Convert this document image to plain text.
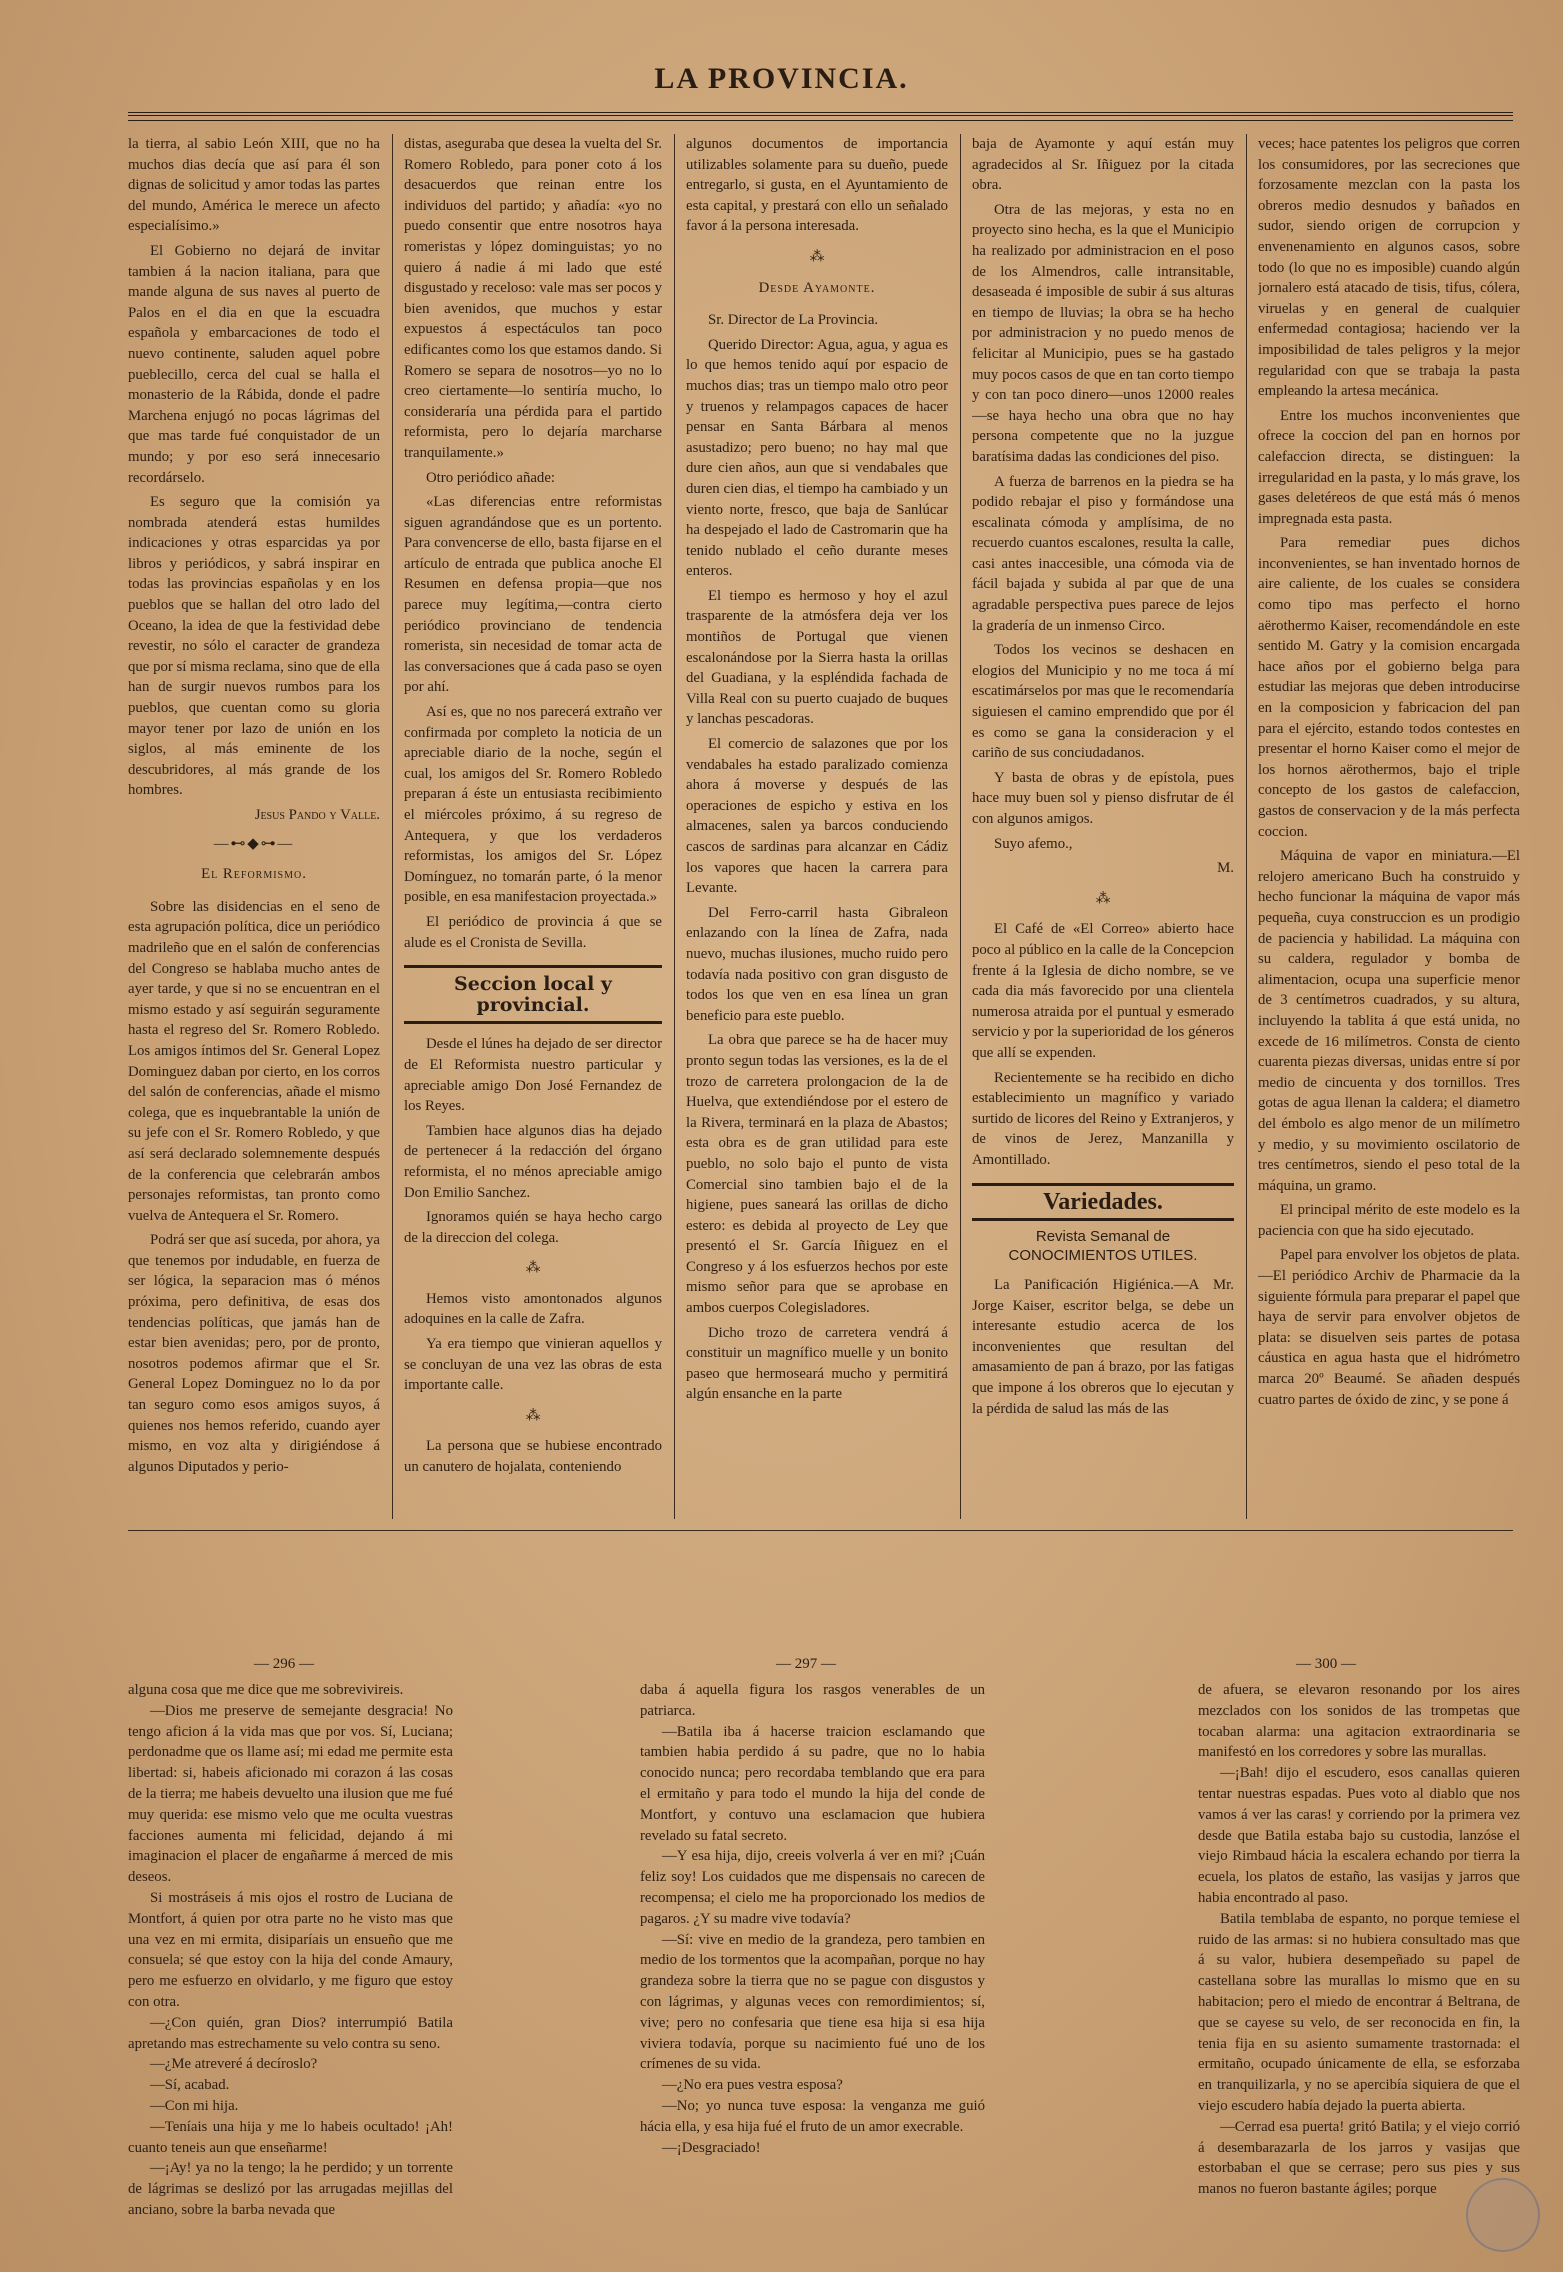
LA PROVINCIA.

la tierra, al sabio León XIII, que no ha muchos dias decía que así para él son dignas de solicitud y amor todas las partes del mundo, América le merece un afecto especialísimo.»

El Gobierno no dejará de invitar tambien á la nacion italiana, para que mande alguna de sus naves al puerto de Palos en el dia en que la escuadra española y embarcaciones de todo el nuevo continente, saluden aquel pobre pueblecillo, cerca del cual se halla el monasterio de la Rábida, donde el padre Marchena enjugó no pocas lágrimas del que mas tarde fué conquistador de un mundo; y por eso será innecesario recordárselo.

Es seguro que la comisión ya nombrada atenderá estas humildes indicaciones y otras esparcidas ya por libros y periódicos, y sabrá inspirar en todas las provincias españolas y en los pueblos que se hallan del otro lado del Oceano, la idea de que la festividad debe revestir, no sólo el caracter de grandeza que por sí misma reclama, sino que de ella han de surgir nuevos rumbos para los pueblos, que cuentan como su gloria mayor tener por lazo de unión en los siglos, al más eminente de los descubridores, al más grande de los hombres.

Jesus Pando y Valle.
—⊷◆⊶—
El Reformismo.

Sobre las disidencias en el seno de esta agrupación política, dice un periódico madrileño que en el salón de conferencias del Congreso se hablaba mucho antes de ayer tarde, y que si no se encuentran en el mismo estado y así seguirán seguramente hasta el regreso del Sr. Romero Robledo. Los amigos íntimos del Sr. General Lopez Dominguez daban por cierto, en los corros del salón de conferencias, añade el mismo colega, que es inquebrantable la unión de su jefe con el Sr. Romero Robledo, y que así será declarado solemnemente después de la conferencia que celebrarán ambos personajes reformistas, tan pronto como vuelva de Antequera el Sr. Romero.

Podrá ser que así suceda, por ahora, ya que tenemos por indudable, en fuerza de ser lógica, la separacion mas ó ménos próxima, pero definitiva, de esas dos tendencias políticas, que jamás han de estar bien avenidas; pero, por de pronto, nosotros podemos afirmar que el Sr. General Lopez Dominguez no lo da por tan seguro como esos amigos suyos, á quienes nos hemos referido, cuando ayer mismo, en voz alta y dirigiéndose á algunos Diputados y perio-

distas, aseguraba que desea la vuelta del Sr. Romero Robledo, para poner coto á los desacuerdos que reinan entre los individuos del partido; y añadía: «yo no puedo consentir que entre nosotros haya romeristas y lópez dominguistas; yo no quiero á nadie á mi lado que esté disgustado y receloso: vale mas ser pocos y bien avenidos, que muchos y estar expuestos á espectáculos tan poco edificantes como los que estamos dando. Si Romero se separa de nosotros—yo no lo creo ciertamente—lo sentiría mucho, lo consideraría una pérdida para el partido reformista, pero lo dejaría marcharse tranquilamente.»

Otro periódico añade:

«Las diferencias entre reformistas siguen agrandándose que es un portento. Para convencerse de ello, basta fijarse en el artículo de entrada que publica anoche El Resumen en defensa propia—que nos parece muy legítima,—contra cierto periódico provinciano de tendencia romerista, sin necesidad de tomar acta de las conversaciones que á cada paso se oyen por ahí.

Así es, que no nos parecerá extraño ver confirmada por completo la noticia de un apreciable diario de la noche, según el cual, los amigos del Sr. Romero Robledo preparan á éste un entusiasta recibimiento el miércoles próximo, á su regreso de Antequera, y que los verdaderos reformistas, los amigos del Sr. López Domínguez, no tomarán parte, ó la menor posible, en esa manifestacion proyectada.»

El periódico de provincia á que se alude es el Cronista de Sevilla.

Seccion local y provincial.

Desde el lúnes ha dejado de ser director de El Reformista nuestro particular y apreciable amigo Don José Fernandez de los Reyes.

Tambien hace algunos dias ha dejado de pertenecer á la redacción del órgano reformista, el no ménos apreciable amigo Don Emilio Sanchez.

Ignoramos quién se haya hecho cargo de la direccion del colega.

⁂

Hemos visto amontonados algunos adoquines en la calle de Zafra.

Ya era tiempo que vinieran aquellos y se concluyan de una vez las obras de esta importante calle.

⁂

La persona que se hubiese encontrado un canutero de hojalata, conteniendo

algunos documentos de importancia utilizables solamente para su dueño, puede entregarlo, si gusta, en el Ayuntamiento de esta capital, y prestará con ello un señalado favor á la persona interesada.

⁂
Desde Ayamonte.

Sr. Director de La Provincia.

Querido Director: Agua, agua, y agua es lo que hemos tenido aquí por espacio de muchos dias; tras un tiempo malo otro peor y truenos y relampagos capaces de hacer pensar en Santa Bárbara al menos asustadizo; pero bueno; no hay mal que dure cien años, aun que si vendabales que duren cien dias, el tiempo ha cambiado y un viento norte, fresco, que baja de Sanlúcar ha despejado el lado de Castromarin que ha tenido nublado el ceño durante meses enteros.

El tiempo es hermoso y hoy el azul trasparente de la atmósfera deja ver los montiños de Portugal que vienen escalonándose por la Sierra hasta la orillas del Guadiana, y la espléndida fachada de Villa Real con su puerto cuajado de buques y lanchas pescadoras.

El comercio de salazones que por los vendabales ha estado paralizado comienza ahora á moverse y después de las operaciones de espicho y estiva en los almacenes, salen ya barcos conduciendo cascos de sardinas para alcanzar en Cádiz los vapores que hacen la carrera para Levante.

Del Ferro-carril hasta Gibraleon enlazando con la línea de Zafra, nada nuevo, muchas ilusiones, mucho ruido pero todavía nada positivo con gran disgusto de todos los que ven en esa línea un gran beneficio para este pueblo.

La obra que parece se ha de hacer muy pronto segun todas las versiones, es la de el trozo de carretera prolongacion de la de Huelva, que extendiéndose por el estero de la Rivera, terminará en la plaza de Abastos; esta obra es de gran utilidad para este pueblo, no solo bajo el punto de vista Comercial sino tambien bajo el de la higiene, pues saneará las orillas de dicho estero: es debida al proyecto de Ley que presentó el Sr. García Iñiguez en el Congreso y á los esfuerzos hechos por este mismo señor para que se aprobase en ambos cuerpos Colegisladores.

Dicho trozo de carretera vendrá á constituir un magnífico muelle y un bonito paseo que hermoseará mucho y permitirá algún ensanche en la parte

baja de Ayamonte y aquí están muy agradecidos al Sr. Iñiguez por la citada obra.

Otra de las mejoras, y esta no en proyecto sino hecha, es la que el Municipio ha realizado por administracion en el poso de los Almendros, calle intransitable, desaseada é imposible de subir á sus alturas en tiempo de lluvias; la obra se ha hecho por administracion y no puedo menos de felicitar al Municipio, pues se ha gastado muy pocos casos de que en tan corto tiempo y con tan poco dinero—unos 12000 reales—se haya hecho una obra que no hay persona competente que no la juzgue baratísima dadas las condiciones del piso.

A fuerza de barrenos en la piedra se ha podido rebajar el piso y formándose una escalinata cómoda y amplísima, de no recuerdo cuantos escalones, resulta la calle, casi antes inaccesible, una cómoda via de fácil bajada y subida al par que de una agradable perspectiva pues parece de lejos la gradería de un inmenso Circo.

Todos los vecinos se deshacen en elogios del Municipio y no me toca á mí escatimárselos por mas que le recomendaría siguiesen el camino emprendido que por él es como se gana la consideracion y el cariño de sus conciudadanos.

Y basta de obras y de epístola, pues hace muy buen sol y pienso disfrutar de él con algunos amigos.

Suyo afemo.,

M.
⁂

El Café de «El Correo» abierto hace poco al público en la calle de la Concepcion frente á la Iglesia de dicho nombre, se ve cada dia más favorecido por una clientela numerosa atraida por el puntual y esmerado servicio y por la superioridad de los géneros que allí se expenden.

Recientemente se ha recibido en dicho establecimiento un magnífico y variado surtido de licores del Reino y Extranjeros, y de vinos de Jerez, Manzanilla y Amontillado.

Variedades.
Revista Semanal de CONOCIMIENTOS UTILES.

La Panificación Higiénica.—A Mr. Jorge Kaiser, escritor belga, se debe un interesante estudio acerca de los inconvenientes que resultan del amasamiento de pan á brazo, por las fatigas que impone á los obreros que lo ejecutan y la pérdida de salud las más de las

veces; hace patentes los peligros que corren los consumidores, por las secreciones que forzosamente mezclan con la pasta los obreros medio desnudos y bañados en sudor, siendo origen de corrupcion y envenenamiento en algunos casos, sobre todo (lo que no es imposible) cuando algún jornalero está atacado de tisis, tifus, cólera, viruelas y en general de cualquier enfermedad contagiosa; haciendo ver la imposibilidad de tales peligros y la mejor regularidad con que se trabaja la pasta empleando la artesa mecánica.

Entre los muchos inconvenientes que ofrece la coccion del pan en hornos por calefaccion directa, se distinguen: la irregularidad en la pasta, y lo más grave, los gases deletéreos de que está más ó menos impregnada esta pasta.

Para remediar pues dichos inconvenientes, se han inventado hornos de aire caliente, de los cuales se considera como tipo mas perfecto el horno aërothermo Kaiser, recomendándole en este sentido M. Gatry y la comision encargada hace años por el gobierno belga para estudiar las mejoras que deben introducirse en la composicion y fabricacion del pan para el ejército, estando todos contestes en presentar el horno Kaiser como el mejor de los hornos aërothermos, bajo el triple concepto de los gastos de calefaccion, gastos de conservacion y de la más perfecta coccion.

Máquina de vapor en miniatura.—El relojero americano Buch ha construido y hecho funcionar la máquina de vapor más pequeña, cuya construccion es un prodigio de paciencia y habilidad. La máquina con su caldera, regulador y bomba de alimentacion, ocupa una superficie menor de 3 centímetros cuadrados, y su altura, incluyendo la tablita á que está unida, no excede de 16 milímetros. Consta de ciento cuarenta piezas diversas, unidas entre sí por medio de cincuenta y dos tornillos. Tres gotas de agua llenan la caldera; el diametro del émbolo es algo menor de un milímetro y medio, y su movimiento oscilatorio de tres centímetros, siendo el peso total de la máquina, un gramo.

El principal mérito de este modelo es la paciencia con que ha sido ejecutado.

Papel para envolver los objetos de plata.—El periódico Archiv de Pharmacie da la siguiente fórmula para preparar el papel que haya de servir para envolver objetos de plata: se disuelven seis partes de potasa cáustica en agua hasta que el hidrómetro marca 20º Beaumé. Se añaden después cuatro partes de óxido de zinc, y se pone á

— 296 —	— 297 —	— 300 —

alguna cosa que me dice que me sobrevivireis.

—Dios me preserve de semejante desgracia! No tengo aficion á la vida mas que por vos. Sí, Luciana; perdonadme que os llame así; mi edad me permite esta libertad: si, habeis aficionado mi corazon á las cosas de la tierra; me habeis devuelto una ilusion que me fué muy querida: ese mismo velo que me oculta vuestras facciones aumenta mi felicidad, dejando á mi imaginacion el placer de engañarme á merced de mis deseos.

Si mostráseis á mis ojos el rostro de Luciana de Montfort, á quien por otra parte no he visto mas que una vez en mi ermita, disiparíais un ensueño que me consuela; sé que estoy con la hija del conde Amaury, pero me esfuerzo en olvidarlo, y me figuro que estoy con otra.

—¿Con quién, gran Dios? interrumpió Batila apretando mas estrechamente su velo contra su seno.

—¿Me atreveré á decíroslo?

—Sí, acabad.

—Con mi hija.

—Teníais una hija y me lo habeis ocultado! ¡Ah! cuanto teneis aun que enseñarme!

—¡Ay! ya no la tengo; la he perdido; y un torrente de lágrimas se deslizó por las arrugadas mejillas del anciano, sobre la barba nevada que

daba á aquella figura los rasgos venerables de un patriarca.

—Batila iba á hacerse traicion esclamando que tambien habia perdido á su padre, que no lo habia conocido nunca; pero recordaba temblando que era para el ermitaño y para todo el mundo la hija del conde de Montfort, y contuvo una esclamacion que hubiera revelado su fatal secreto.

—Y esa hija, dijo, creeis volverla á ver en mi? ¡Cuán feliz soy! Los cuidados que me dispensais no carecen de recompensa; el cielo me ha proporcionado los medios de pagaros. ¿Y su madre vive todavía?

—Sí: vive en medio de la grandeza, pero tambien en medio de los tormentos que la acompañan, porque no hay grandeza sobre la tierra que no se pague con disgustos y con lágrimas, y algunas veces con remordimientos; sí, vive; pero no confesaria que tiene esa hija si esa hija viviera todavía, porque su nacimiento fué uno de los crímenes de su vida.

—¿No era pues vestra esposa?

—No; yo nunca tuve esposa: la venganza me guió hácia ella, y esa hija fué el fruto de un amor execrable.

—¡Desgraciado!

de afuera, se elevaron resonando por los aires mezclados con los sonidos de las trompetas que tocaban alarma: una agitacion extraordinaria se manifestó en los corredores y sobre las murallas.

—¡Bah! dijo el escudero, esos canallas quieren tentar nuestras espadas. Pues voto al diablo que nos vamos á ver las caras! y corriendo por la primera vez desde que Batila estaba bajo su custodia, lanzóse el viejo Rimbaud hácia la escalera echando por tierra la ecuela, los platos de estaño, las vasijas y jarros que habia encontrado al paso.

Batila temblaba de espanto, no porque temiese el ruido de las armas: si no hubiera consultado mas que á su valor, hubiera desempeñado su papel de castellana sobre las murallas lo mismo que en su habitacion; pero el miedo de encontrar á Beltrana, de que se cayese su velo, de ser reconocida en fin, la tenia fija en su asiento sumamente trastornada: el ermitaño, ocupado únicamente de ella, se esforzaba en tranquilizarla, y no se apercibía siquiera de que el viejo escudero había dejado la puerta abierta.

—Cerrad esa puerta! gritó Batila; y el viejo corrió á desembarazarla de los jarros y vasijas que estorbaban el que se cerrase; pero sus pies y sus manos no fueron bastante ágiles; porque
